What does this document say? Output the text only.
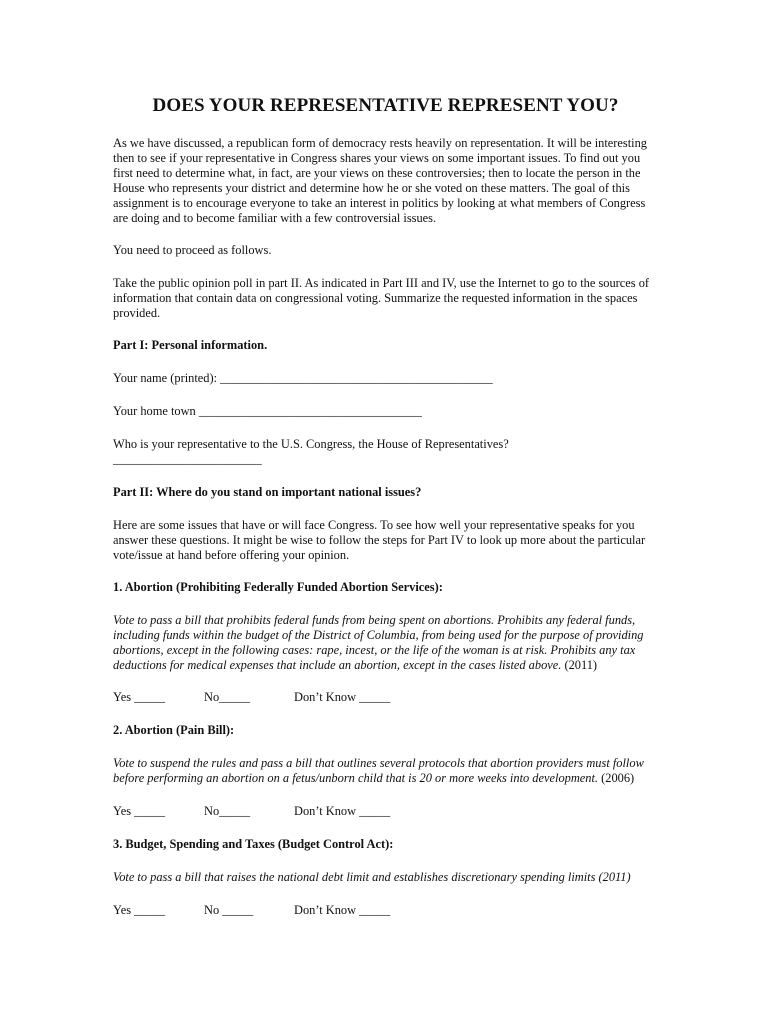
DOES YOUR REPRESENTATIVE REPRESENT YOU?
As we have discussed, a republican form of democracy rests heavily on representation. It will be interesting then to see if your representative in Congress shares your views on some important issues. To find out you first need to determine what, in fact, are your views on these controversies; then to locate the person in the House who represents your district and determine how he or she voted on these matters. The goal of this assignment is to encourage everyone to take an interest in politics by looking at what members of Congress are doing and to become familiar with a few controversial issues.
You need to proceed as follows.
Take the public opinion poll in part II. As indicated in Part III and IV, use the Internet to go to the sources of information that contain data on congressional voting. Summarize the requested information in the spaces provided.
Part I: Personal information.
Your name (printed): ____________________________________________
Your home town ____________________________________
Who is your representative to the U.S. Congress, the House of Representatives?
________________________
Part II: Where do you stand on important national issues?
Here are some issues that have or will face Congress. To see how well your representative speaks for you answer these questions. It might be wise to follow the steps for Part IV to look up more about the particular vote/issue at hand before offering your opinion.
1. Abortion (Prohibiting Federally Funded Abortion Services):
Vote to pass a bill that prohibits federal funds from being spent on abortions. Prohibits any federal funds, including funds within the budget of the District of Columbia, from being used for the purpose of providing abortions, except in the following cases: rape, incest, or the life of the woman is at risk. Prohibits any tax deductions for medical expenses that include an abortion, except in the cases listed above. (2011)
Yes _____	No_____	Don’t Know _____
2. Abortion (Pain Bill):
Vote to suspend the rules and pass a bill that outlines several protocols that abortion providers must follow before performing an abortion on a fetus/unborn child that is 20 or more weeks into development. (2006)
Yes _____	No_____	Don’t Know _____
3. Budget, Spending and Taxes (Budget Control Act):
Vote to pass a bill that raises the national debt limit and establishes discretionary spending limits (2011)
Yes _____	No _____	Don’t Know _____
